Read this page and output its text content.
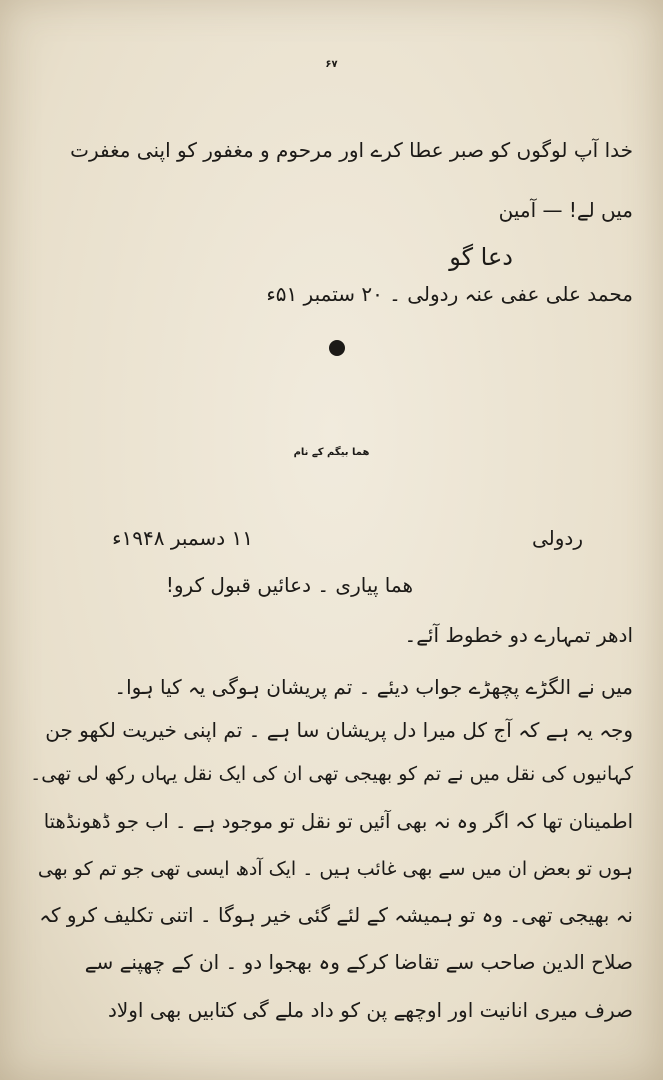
۶۷
خدا آپ لوگوں کو صبر عطا کرے اور مرحوم و مغفور کو اپنی مغفرت
میں لے! — آمین
دعا گو
محمد علی عفی عنہ ردولی ۔ ۲۰ ستمبر ۵۱ء
ھما بیگم کے نام
ردولی
۱۱ دسمبر ۱۹۴۸ء
ھما پیاری ۔ دعائیں قبول کرو!
ادھر تمہارے دو خطوط آئے۔
میں نے الگڑے پچھڑے جواب دیئے ۔ تم پریشان ہوگی یہ کیا ہوا۔
وجہ یہ ہے کہ آج کل میرا دل پریشان سا ہے ۔ تم اپنی خیریت لکھو جن
کہانیوں کی نقل میں نے تم کو بھیجی تھی ان کی ایک نقل یہاں رکھ لی تھی۔
اطمینان تھا کہ اگر وہ نہ بھی آئیں تو نقل تو موجود ہے ۔ اب جو ڈھونڈھتا
ہوں تو بعض ان میں سے بھی غائب ہیں ۔ ایک آدھ ایسی تھی جو تم کو بھی
نہ بھیجی تھی۔ وہ تو ہمیشہ کے لئے گئی خیر ہوگا ۔ اتنی تکلیف کرو کہ
صلاح الدین صاحب سے تقاضا کرکے وہ بھجوا دو ۔ ان کے چھپنے سے
صرف میری انانیت اور اوچھے پن کو داد ملے گی کتابیں بھی اولاد
